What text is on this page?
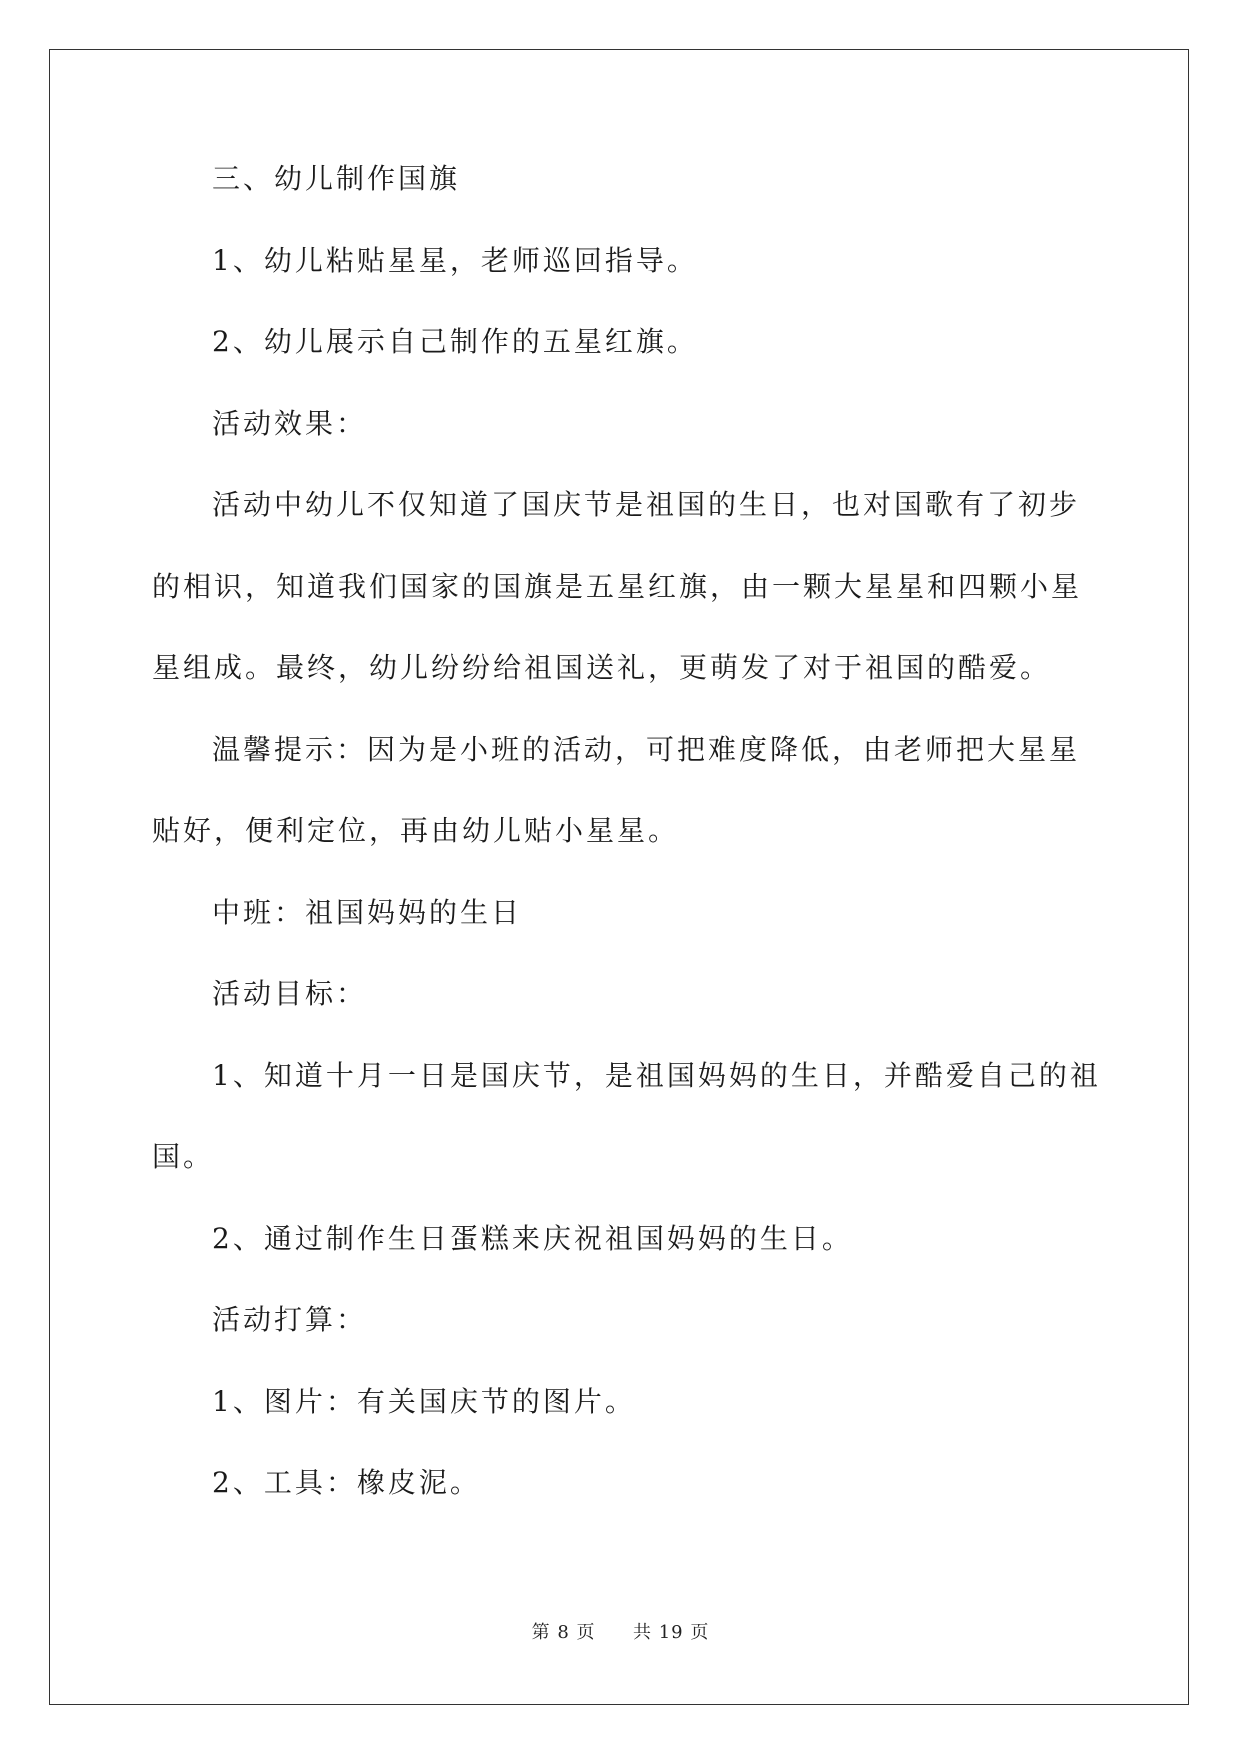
三、幼儿制作国旗

1、幼儿粘贴星星，老师巡回指导。

2、幼儿展示自己制作的五星红旗。

活动效果：

活动中幼儿不仅知道了国庆节是祖国的生日，也对国歌有了初步
的相识，知道我们国家的国旗是五星红旗，由一颗大星星和四颗小星
星组成。最终，幼儿纷纷给祖国送礼，更萌发了对于祖国的酷爱。
温馨提示：因为是小班的活动，可把难度降低，由老师把大星星
贴好，便利定位，再由幼儿贴小星星。

中班：祖国妈妈的生日

活动目标：

1、知道十月一日是国庆节，是祖国妈妈的生日，并酷爱自己的祖
国。

2、通过制作生日蛋糕来庆祝祖国妈妈的生日。

活动打算：

1、图片：有关国庆节的图片。

2、工具：橡皮泥。

第 8 页 共 19 页
